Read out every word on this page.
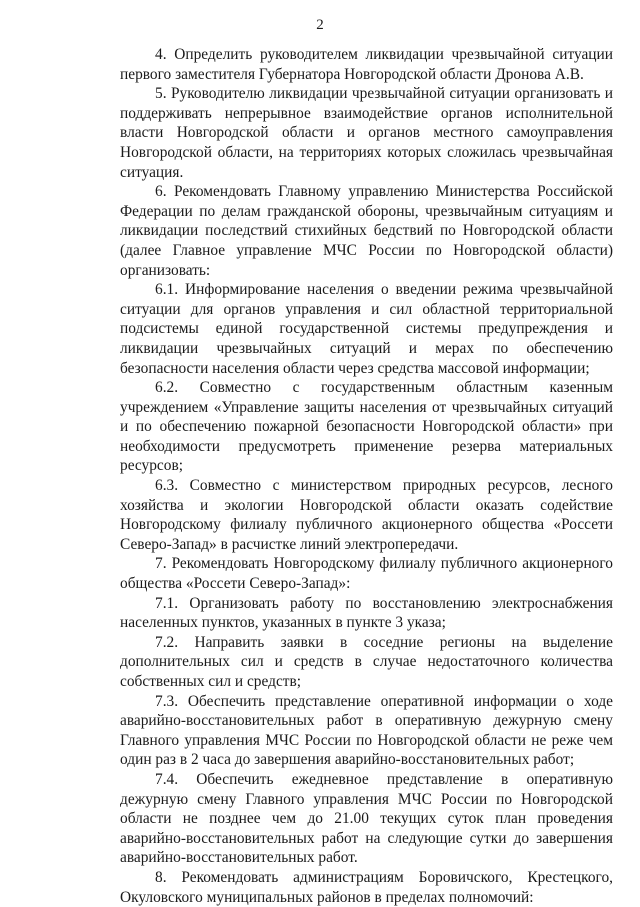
2

4. Определить руководителем ликвидации чрезвычайной ситуации первого заместителя Губернатора Новгородской области Дронова А.В.

5. Руководителю ликвидации чрезвычайной ситуации организовать и поддерживать непрерывное взаимодействие органов исполнительной власти Новгородской области и органов местного самоуправления Новгородской области, на территориях которых сложилась чрезвычайная ситуация.

6. Рекомендовать Главному управлению Министерства Российской Федерации по делам гражданской обороны, чрезвычайным ситуациям и ликвидации последствий стихийных бедствий по Новгородской области (далее Главное управление МЧС России по Новгородской области) организовать:

6.1. Информирование населения о введении режима чрезвычайной ситуации для органов управления и сил областной территориальной подсистемы единой государственной системы предупреждения и ликвидации чрезвычайных ситуаций и мерах по обеспечению безопасности населения области через средства массовой информации;

6.2. Совместно с государственным областным казенным учреждением «Управление защиты населения от чрезвычайных ситуаций и по обеспечению пожарной безопасности Новгородской области» при необходимости предусмотреть применение резерва материальных ресурсов;

6.3. Совместно с министерством природных ресурсов, лесного хозяйства и экологии Новгородской области оказать содействие Новгородскому филиалу публичного акционерного общества «Россети Северо-Запад» в расчистке линий электропередачи.

7. Рекомендовать Новгородскому филиалу публичного акционерного общества «Россети Северо-Запад»:

7.1. Организовать работу по восстановлению электроснабжения населенных пунктов, указанных в пункте 3 указа;

7.2. Направить заявки в соседние регионы на выделение дополнительных сил и средств в случае недостаточного количества собственных сил и средств;

7.3. Обеспечить представление оперативной информации о ходе аварийно-восстановительных работ в оперативную дежурную смену Главного управления МЧС России по Новгородской области не реже чем один раз в 2 часа до завершения аварийно-восстановительных работ;

7.4. Обеспечить ежедневное представление в оперативную дежурную смену Главного управления МЧС России по Новгородской области не позднее чем до 21.00 текущих суток план проведения аварийно-восстановительных работ на следующие сутки до завершения аварийно-восстановительных работ.

8. Рекомендовать администрациям Боровичского, Крестецкого, Окуловского муниципальных районов в пределах полномочий:
